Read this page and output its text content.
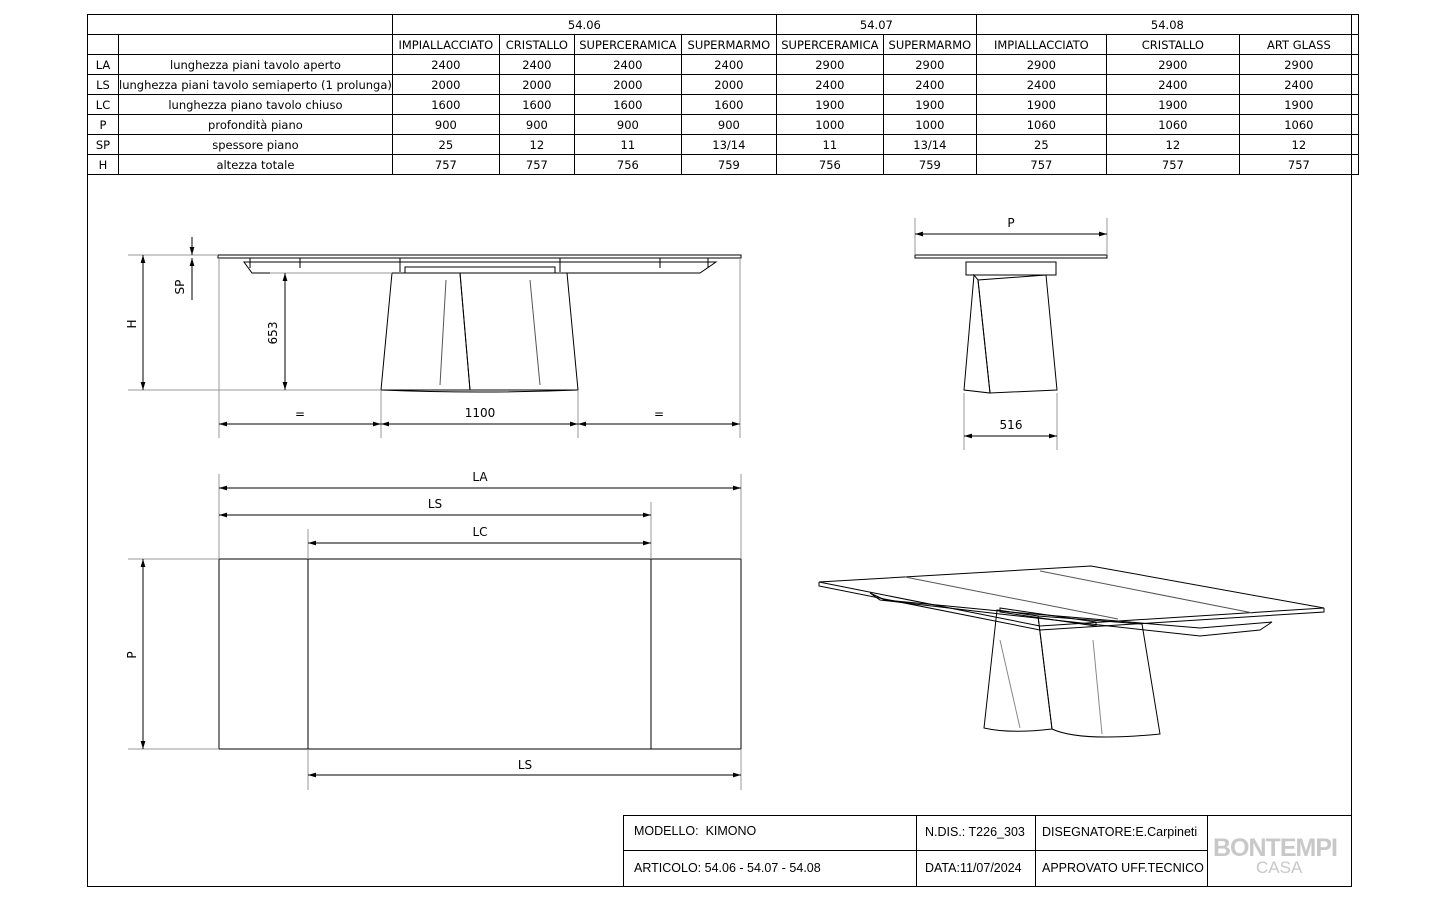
		54.06				54.07		54.08		
		IMPIALLACCIATO	CRISTALLO	SUPERCERAMICA	SUPERMARMO	SUPERCERAMICA	SUPERMARMO	IMPIALLACCIATO	CRISTALLO	ART GLASS
LA	lunghezza piani tavolo aperto	2400	2400	2400	2400	2900	2900	2900	2900	2900
LS	lunghezza piani tavolo semiaperto (1 prolunga)	2000	2000	2000	2000	2400	2400	2400	2400	2400
LC	lunghezza piano tavolo chiuso	1600	1600	1600	1600	1900	1900	1900	1900	1900
P	profondità piano	900	900	900	900	1000	1000	1060	1060	1060
SP	spessore piano	25	12	11	13/14	11	13/14	25	12	12
H	altezza totale	757	757	756	759	756	759	757	757	757
H
SP
653
=	1100	=
P
516
LA
LS
LC
P
LS
MODELLO: KIMONO
ARTICOLO: 54.06 - 54.07 - 54.08
N.DIS.: T226_303
DATA:11/07/2024
DISEGNATORE:E.Carpineti
APPROVATO UFF.TECNICO
BONTEMPI
CASA
